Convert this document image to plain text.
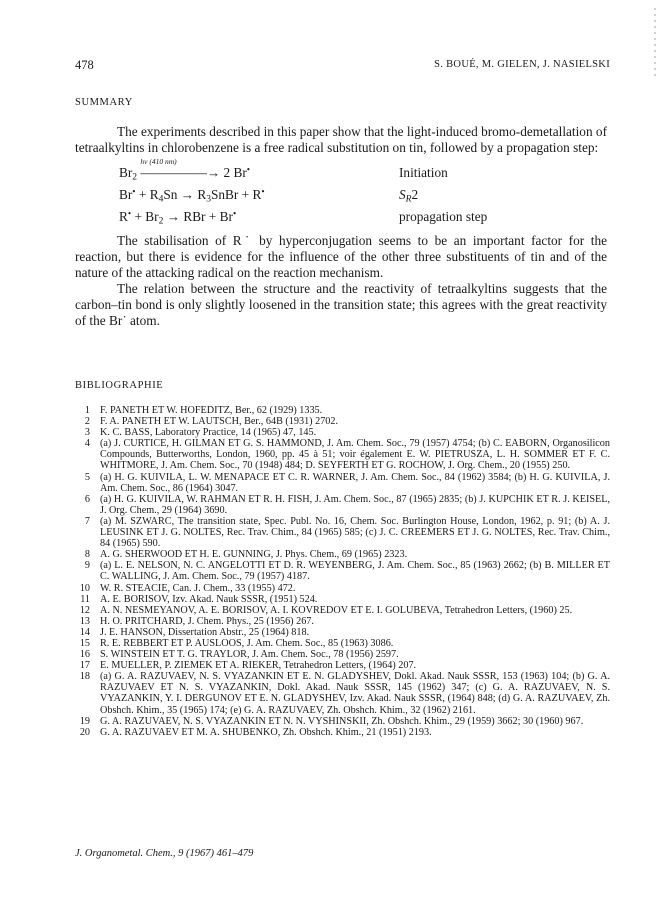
478	S. BOUÉ, M. GIELEN, J. NASIELSKI
SUMMARY

The experiments described in this paper show that the light-induced bromo-demetallation of tetraalkyltins in chlorobenzene is a free radical substitution on tin, followed by a propagation step:

$Br_2$
hν (410 nm)
—————→ 2 Br•	Initiation
$Br^• + R_4Sn$ → $R_3SnBr + R^•$	$S_R2$
$R^• + Br_2$ → RBr + Br•	propagation step

The stabilisation of R˙ by hyperconjugation seems to be an important factor for the reaction, but there is evidence for the influence of the other three substituents of tin and of the nature of the attacking radical on the reaction mechanism.

The relation between the structure and the reactivity of tetraalkyltins suggests that the carbon–tin bond is only slightly loosened in the transition state; this agrees with the great reactivity of the Br˙ atom.

BIBLIOGRAPHIE
1 F. PANETH ET W. HOFEDITZ, Ber., 62 (1929) 1335.
2 F. A. PANETH ET W. LAUTSCH, Ber., 64B (1931) 2702.
3 K. C. BASS, Laboratory Practice, 14 (1965) 47, 145.
4 (a) J. CURTICE, H. GILMAN ET G. S. HAMMOND, J. Am. Chem. Soc., 79 (1957) 4754; (b) C. EABORN, Organosilicon Compounds, Butterworths, London, 1960, pp. 45 à 51; voir également E. W. PIETRUSZA, L. H. SOMMER ET F. C. WHITMORE, J. Am. Chem. Soc., 70 (1948) 484; D. SEYFERTH ET G. ROCHOW, J. Org. Chem., 20 (1955) 250.
5 (a) H. G. KUIVILA, L. W. MENAPACE ET C. R. WARNER, J. Am. Chem. Soc., 84 (1962) 3584; (b) H. G. KUIVILA, J. Am. Chem. Soc., 86 (1964) 3047.
6 (a) H. G. KUIVILA, W. RAHMAN ET R. H. FISH, J. Am. Chem. Soc., 87 (1965) 2835; (b) J. KUPCHIK ET R. J. KEISEL, J. Org. Chem., 29 (1964) 3690.
7 (a) M. SZWARC, The transition state, Spec. Publ. No. 16, Chem. Soc. Burlington House, London, 1962, p. 91; (b) A. J. LEUSINK ET J. G. NOLTES, Rec. Trav. Chim., 84 (1965) 585; (c) J. C. CREEMERS ET J. G. NOLTES, Rec. Trav. Chim., 84 (1965) 590.
8 A. G. SHERWOOD ET H. E. GUNNING, J. Phys. Chem., 69 (1965) 2323.
9 (a) L. E. NELSON, N. C. ANGELOTTI ET D. R. WEYENBERG, J. Am. Chem. Soc., 85 (1963) 2662; (b) B. MILLER ET C. WALLING, J. Am. Chem. Soc., 79 (1957) 4187.
10 W. R. STEACIE, Can. J. Chem., 33 (1955) 472.
11 A. E. BORISOV, Izv. Akad. Nauk SSSR, (1951) 524.
12 A. N. NESMEYANOV, A. E. BORISOV, A. I. KOVREDOV ET E. I. GOLUBEVA, Tetrahedron Letters, (1960) 25.
13 H. O. PRITCHARD, J. Chem. Phys., 25 (1956) 267.
14 J. E. HANSON, Dissertation Abstr., 25 (1964) 818.
15 R. E. REBBERT ET P. AUSLOOS, J. Am. Chem. Soc., 85 (1963) 3086.
16 S. WINSTEIN ET T. G. TRAYLOR, J. Am. Chem. Soc., 78 (1956) 2597.
17 E. MUELLER, P. ZIEMEK ET A. RIEKER, Tetrahedron Letters, (1964) 207.
18 (a) G. A. RAZUVAEV, N. S. VYAZANKIN ET E. N. GLADYSHEV, Dokl. Akad. Nauk SSSR, 153 (1963) 104; (b) G. A. RAZUVAEV ET N. S. VYAZANKIN, Dokl. Akad. Nauk SSSR, 145 (1962) 347; (c) G. A. RAZUVAEV, N. S. VYAZANKIN, Y. I. DERGUNOV ET E. N. GLADYSHEV, Izv. Akad. Nauk SSSR, (1964) 848; (d) G. A. RAZUVAEV, Zh. Obshch. Khim., 35 (1965) 174; (e) G. A. RAZUVAEV, Zh. Obshch. Khim., 32 (1962) 2161.
19 G. A. RAZUVAEV, N. S. VYAZANKIN ET N. N. VYSHINSKII, Zh. Obshch. Khim., 29 (1959) 3662; 30 (1960) 967.
20 G. A. RAZUVAEV ET M. A. SHUBENKO, Zh. Obshch. Khim., 21 (1951) 2193.
J. Organometal. Chem., 9 (1967) 461–479
